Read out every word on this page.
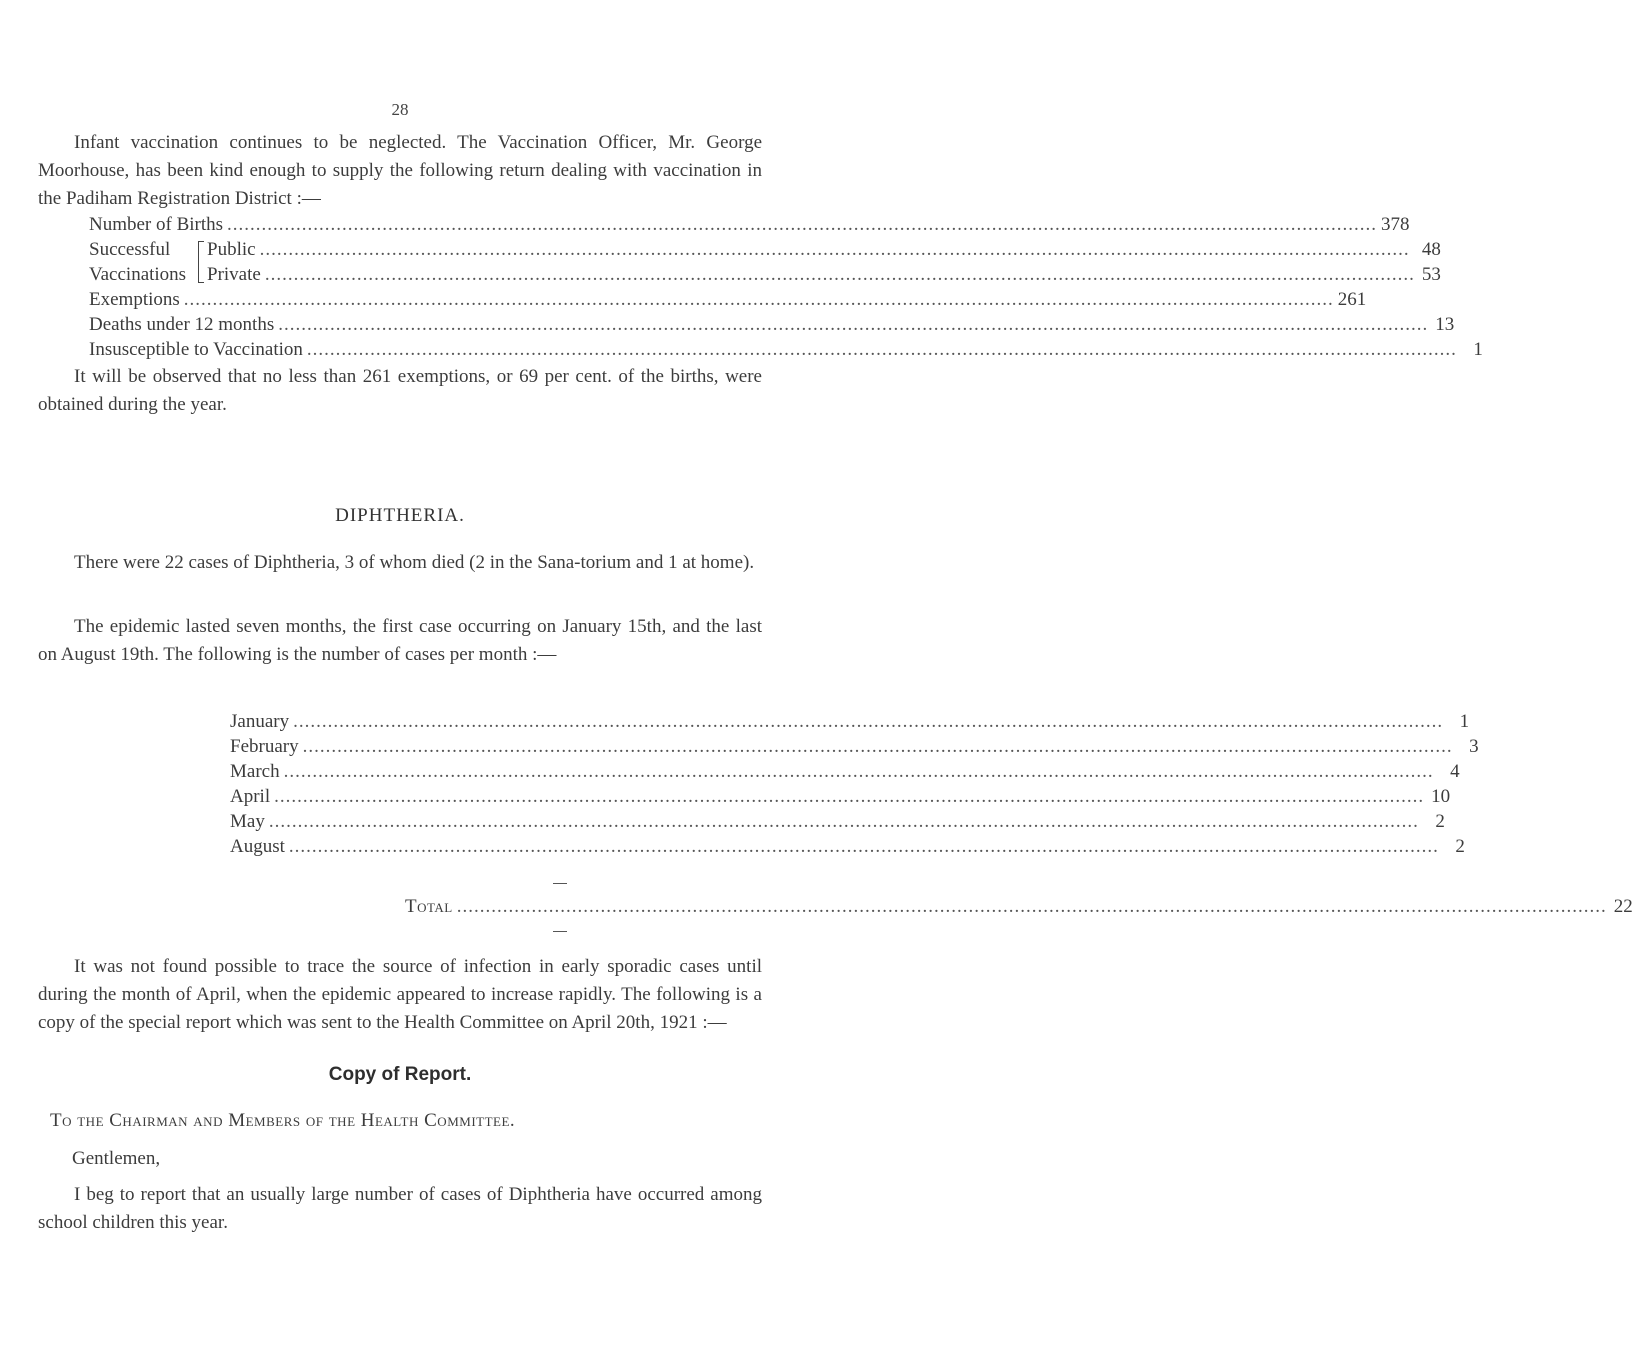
28
Infant vaccination continues to be neglected. The Vaccination Officer, Mr. George Moorhouse, has been kind enough to supply the following return dealing with vaccination in the Padiham Registration District :—
Number of Births .....	378
Successful
Vaccinations
Public .....	48
Private .....	53
Exemptions .....	261
Deaths under 12 months .....	13
Insusceptible to Vaccination .....	1
It will be observed that no less than 261 exemptions, or 69 per cent. of the births, were obtained during the year.
DIPHTHERIA.
There were 22 cases of Diphtheria, 3 of whom died (2 in the Sana-torium and 1 at home).
The epidemic lasted seven months, the first case occurring on January 15th, and the last on August 19th. The following is the number of cases per month :—
January .....	1
February .....	3
March .....	4
April .....	10
May .....	2
August .....	2
Total .....	22
It was not found possible to trace the source of infection in early sporadic cases until during the month of April, when the epidemic appeared to increase rapidly. The following is a copy of the special report which was sent to the Health Committee on April 20th, 1921 :—
Copy of Report.
To the Chairman and Members of the Health Committee.
Gentlemen,
I beg to report that an usually large number of cases of Diphtheria have occurred among school children this year.
